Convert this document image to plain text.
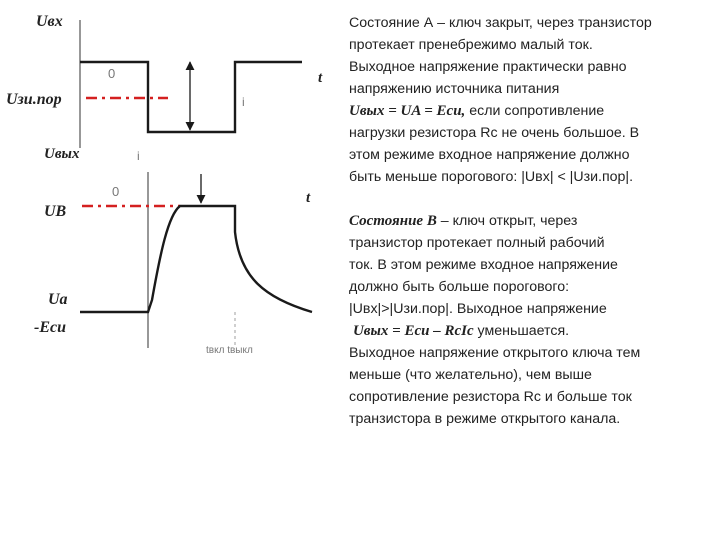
Uвх
0
Uзи.пор
t
i
Uвых	i
0	t
UB
Ua
-Eси
tвкл tвыкл

Состояние А – ключ закрыт, через транзистор

протекает пренебрежимо малый ток.

Выходное напряжение практически равно

напряжению источника питания

Uвых = UA = Eси, если сопротивление

нагрузки резистора Rc не очень большое. В

этом режиме входное напряжение должно

быть меньше порогового: |Uвх| < |Uзи.пор|.

Состояние В – ключ открыт, через

транзистор протекает полный рабочий

ток. В этом режиме входное напряжение

должно быть больше порогового:

|Uвх|>|Uзи.пор|. Выходное напряжение

Uвых = Eси – RcIc уменьшается.

Выходное напряжение открытого ключа тем

меньше (что желательно), чем выше

сопротивление резистора Rc и больше ток

транзистора в режиме открытого канала.
